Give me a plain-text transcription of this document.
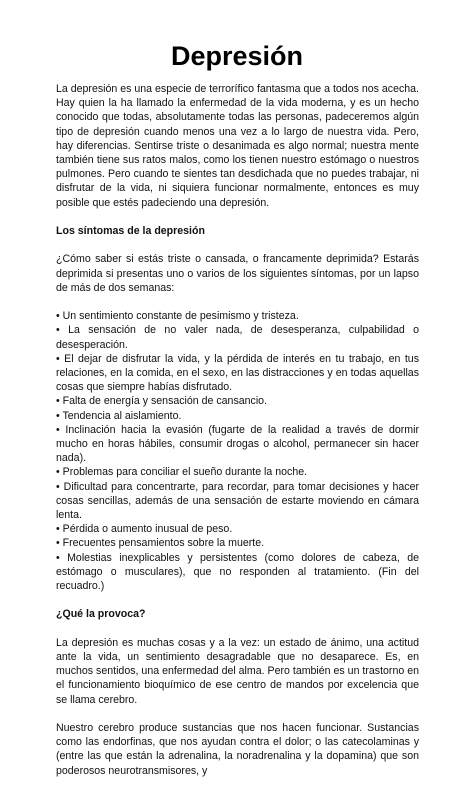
Depresión

La depresión es una especie de terrorífico fantasma que a todos nos acecha. Hay quien la ha llamado la enfermedad de la vida moderna, y es un hecho conocido que todas, absolutamente todas las personas, padeceremos algún tipo de depresión cuando menos una vez a lo largo de nuestra vida. Pero, hay diferencias. Sentirse triste o desanimada es algo normal; nuestra mente también tiene sus ratos malos, como los tienen nuestro estómago o nuestros pulmones. Pero cuando te sientes tan desdichada que no puedes trabajar, ni disfrutar de la vida, ni siquiera funcionar normalmente, entonces es muy posible que estés padeciendo una depresión.

Los síntomas de la depresión

¿Cómo saber si estás triste o cansada, o francamente deprimida? Estarás deprimida si presentas uno o varios de los siguientes síntomas, por un lapso de más de dos semanas:

• Un sentimiento constante de pesimismo y tristeza.
• La sensación de no valer nada, de desesperanza, culpabilidad o desesperación.
• El dejar de disfrutar la vida, y la pérdida de interés en tu trabajo, en tus relaciones, en la comida, en el sexo, en las distracciones y en todas aquellas cosas que siempre habías disfrutado.
• Falta de energía y sensación de cansancio.
• Tendencia al aislamiento.
• Inclinación hacia la evasión (fugarte de la realidad a través de dormir mucho en horas hábiles, consumir drogas o alcohol, permanecer sin hacer nada).
• Problemas para conciliar el sueño durante la noche.
• Dificultad para concentrarte, para recordar, para tomar decisiones y hacer cosas sencillas, además de una sensación de estarte moviendo en cámara lenta.
• Pérdida o aumento inusual de peso.
• Frecuentes pensamientos sobre la muerte.
• Molestias inexplicables y persistentes (como dolores de cabeza, de estómago o musculares), que no responden al tratamiento. (Fin del recuadro.)
¿Qué la provoca?

La depresión es muchas cosas y a la vez: un estado de ánimo, una actitud ante la vida, un sentimiento desagradable que no desaparece. Es, en muchos sentidos, una enfermedad del alma. Pero también es un trastorno en el funcionamiento bioquímico de ese centro de mandos por excelencia que se llama cerebro.

Nuestro cerebro produce sustancias que nos hacen funcionar. Sustancias como las endorfinas, que nos ayudan contra el dolor; o las catecolaminas y (entre las que están la adrenalina, la noradrenalina y la dopamina) que son poderosos neurotransmisores, y
